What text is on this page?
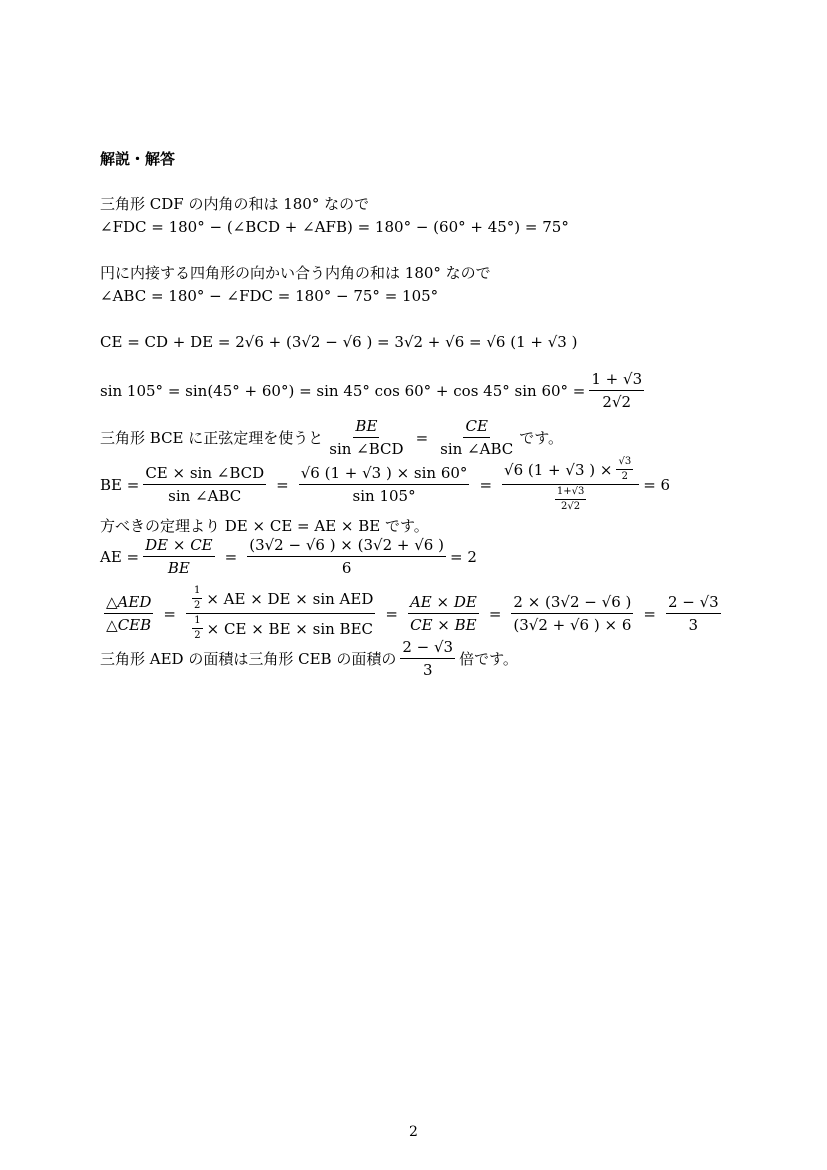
解説・解答
三角形 CDF の内角の和は 180° なので
∠FDC = 180° − (∠BCD + ∠AFB) = 180° − (60° + 45°) = 75°
円に内接する四角形の向かい合う内角の和は 180° なので
∠ABC = 180° − ∠FDC = 180° − 75° = 105°
CE = CD + DE = 2√6 + (3√2 − √6 ) = 3√2 + √6 = √6 (1 + √3 )
sin 105° = sin(45° + 60°) = sin 45° cos 60° + cos 45° $\sin 60^\circ = \frac{1 + √3}{2√2}$
三角形 BCE に正弦定理を使うと $\frac{BE}{\text{sin ∠BCD}} = \frac{CE}{\text{sin ∠ABC}}$ です。
BE = $\frac{\text{CE × sin ∠BCD}}{\text{sin ∠ABC}} = \frac{√6 (1 + √3 ) \times \sin 60^\circ}{\sin 105^\circ} = \frac{√6 (1 + √3 ) \times \frac{√3}{2}}{\frac{1+√3}{2√2}} = 6$
方べきの定理より DE × CE = AE × BE です。
AE = $\frac{DE \times CE}{BE} = \frac{(3√2 - √6 ) \times (3√2 + √6 )}{6} = 2$
$\frac{\text{△AED}}{\text{△CEB}} = \frac{\frac{1}{2} \times AE \times DE \times \sin AED}{\frac{1}{2} \times CE \times BE \times \sin BEC} = \frac{AE \times DE}{CE \times BE} = \frac{2 \times (3√2 - √6 )}{(3√2 + √6 ) \times 6} = \frac{2 - √3}{3}$
三角形 AED の面積は三角形 CEB の面積の $\frac{2 - √3}{3}$ 倍です。
2
